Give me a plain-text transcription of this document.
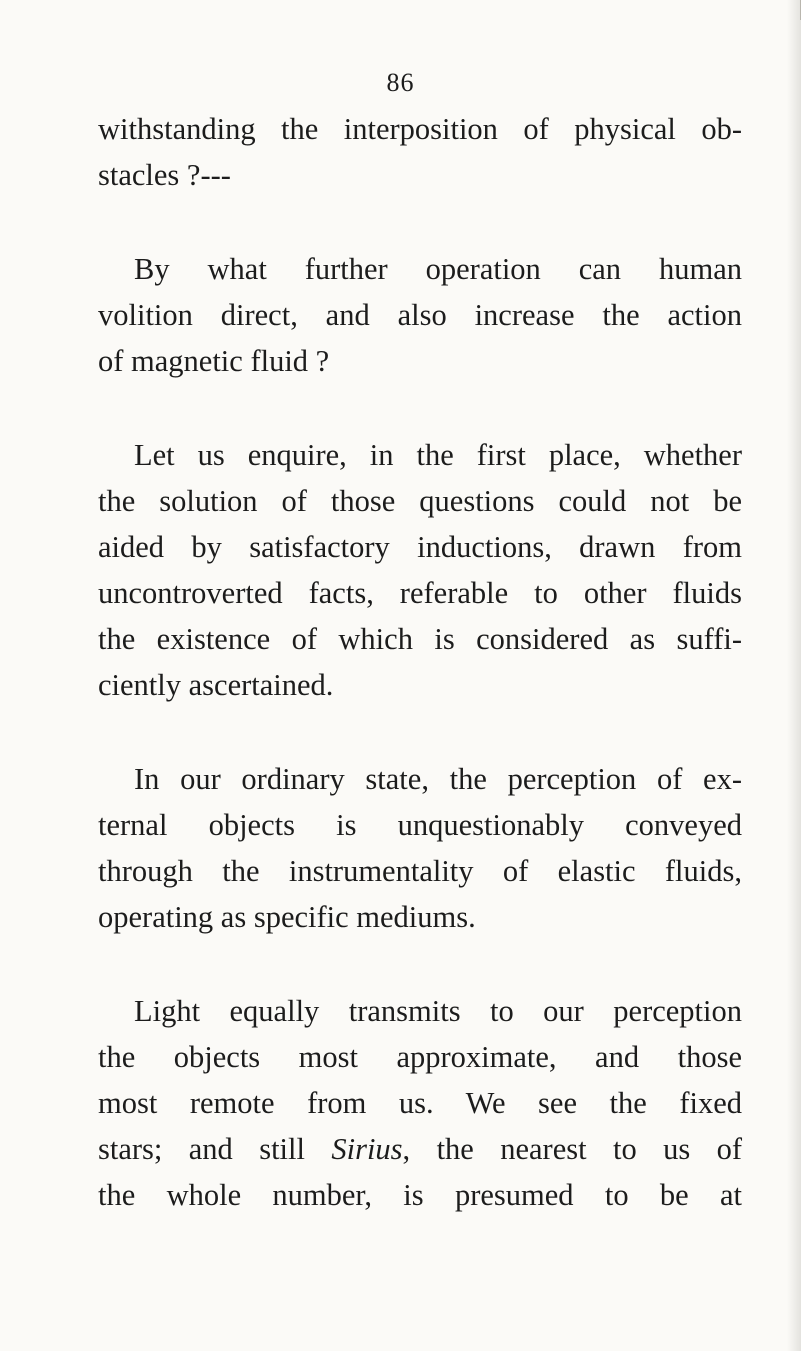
86

withstanding the interposition of physical ob-
stacles ?---

By what further operation can human
volition direct, and also increase the action
of magnetic fluid ?

Let us enquire, in the first place, whether
the solution of those questions could not be
aided by satisfactory inductions, drawn from
uncontroverted facts, referable to other fluids
the existence of which is considered as suffi-
ciently ascertained.

In our ordinary state, the perception of ex-
ternal objects is unquestionably conveyed
through the instrumentality of elastic fluids,
operating as specific mediums.

Light equally transmits to our perception
the objects most approximate, and those
most remote from us. We see the fixed
stars; and still Sirius, the nearest to us of
the whole number, is presumed to be at
